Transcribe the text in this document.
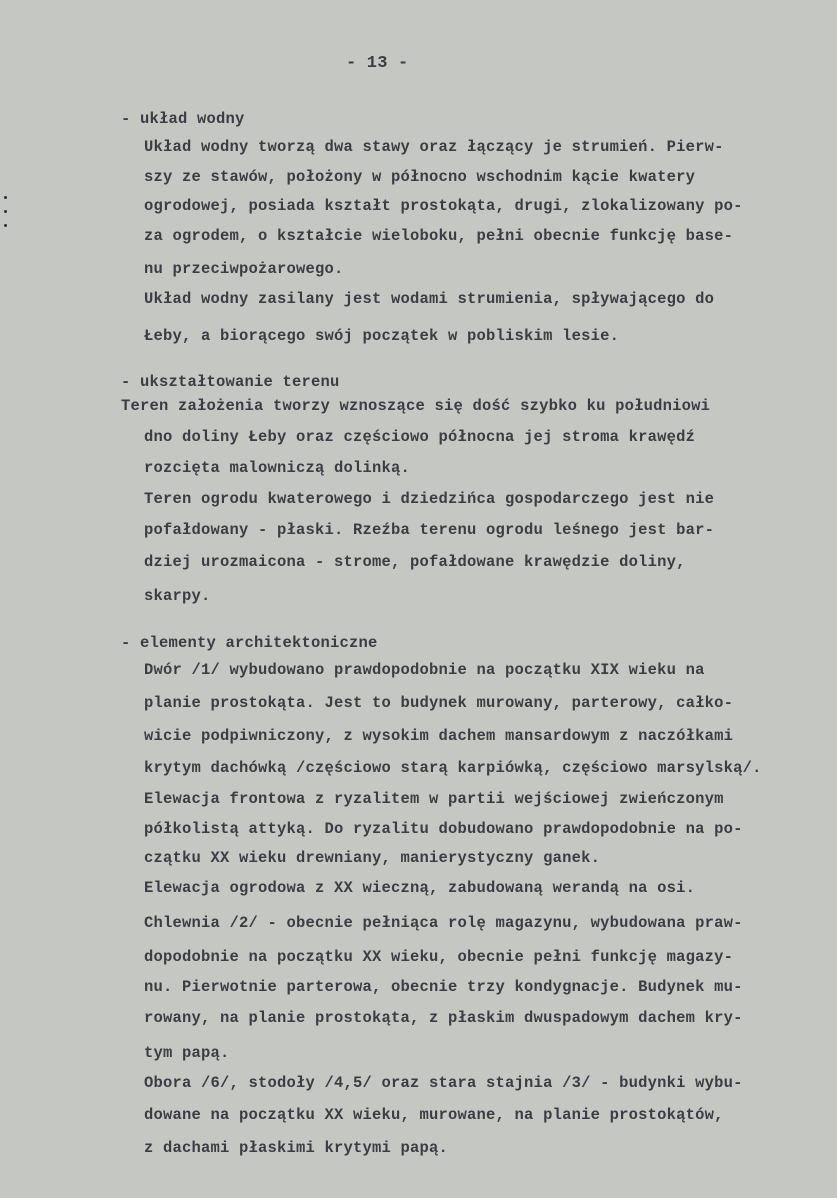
- 13 -
- układ wodny
Układ wodny tworzą dwa stawy oraz łączący je strumień. Pierw-
szy ze stawów, położony w północno wschodnim kącie kwatery
ogrodowej, posiada kształt prostokąta, drugi, zlokalizowany po-
za ogrodem, o kształcie wieloboku, pełni obecnie funkcję base-
nu przeciwpożarowego.
Układ wodny zasilany jest wodami strumienia, spływającego do
Łeby, a biorącego swój początek w pobliskim lesie.
- ukształtowanie terenu
Teren założenia tworzy wznoszące się dość szybko ku południowi
dno doliny Łeby oraz częściowo północna jej stroma krawędź
rozcięta malowniczą dolinką.
Teren ogrodu kwaterowego i dziedzińca gospodarczego jest nie
pofałdowany - płaski. Rzeźba terenu ogrodu leśnego jest bar-
dziej urozmaicona - strome, pofałdowane krawędzie doliny,
skarpy.
- elementy architektoniczne
Dwór /1/ wybudowano prawdopodobnie na początku XIX wieku na
planie prostokąta. Jest to budynek murowany, parterowy, całko-
wicie podpiwniczony, z wysokim dachem mansardowym z naczółkami
krytym dachówką /częściowo starą karpiówką, częściowo marsylską/.
Elewacja frontowa z ryzalitem w partii wejściowej zwieńczonym
półkolistą attyką. Do ryzalitu dobudowano prawdopodobnie na po-
czątku XX wieku drewniany, manierystyczny ganek.
Elewacja ogrodowa z XX wieczną, zabudowaną werandą na osi.
Chlewnia /2/ - obecnie pełniąca rolę magazynu, wybudowana praw-
dopodobnie na początku XX wieku, obecnie pełni funkcję magazy-
nu. Pierwotnie parterowa, obecnie trzy kondygnacje. Budynek mu-
rowany, na planie prostokąta, z płaskim dwuspadowym dachem kry-
tym papą.
Obora /6/, stodoły /4,5/ oraz stara stajnia /3/ - budynki wybu-
dowane na początku XX wieku, murowane, na planie prostokątów,
z dachami płaskimi krytymi papą.
